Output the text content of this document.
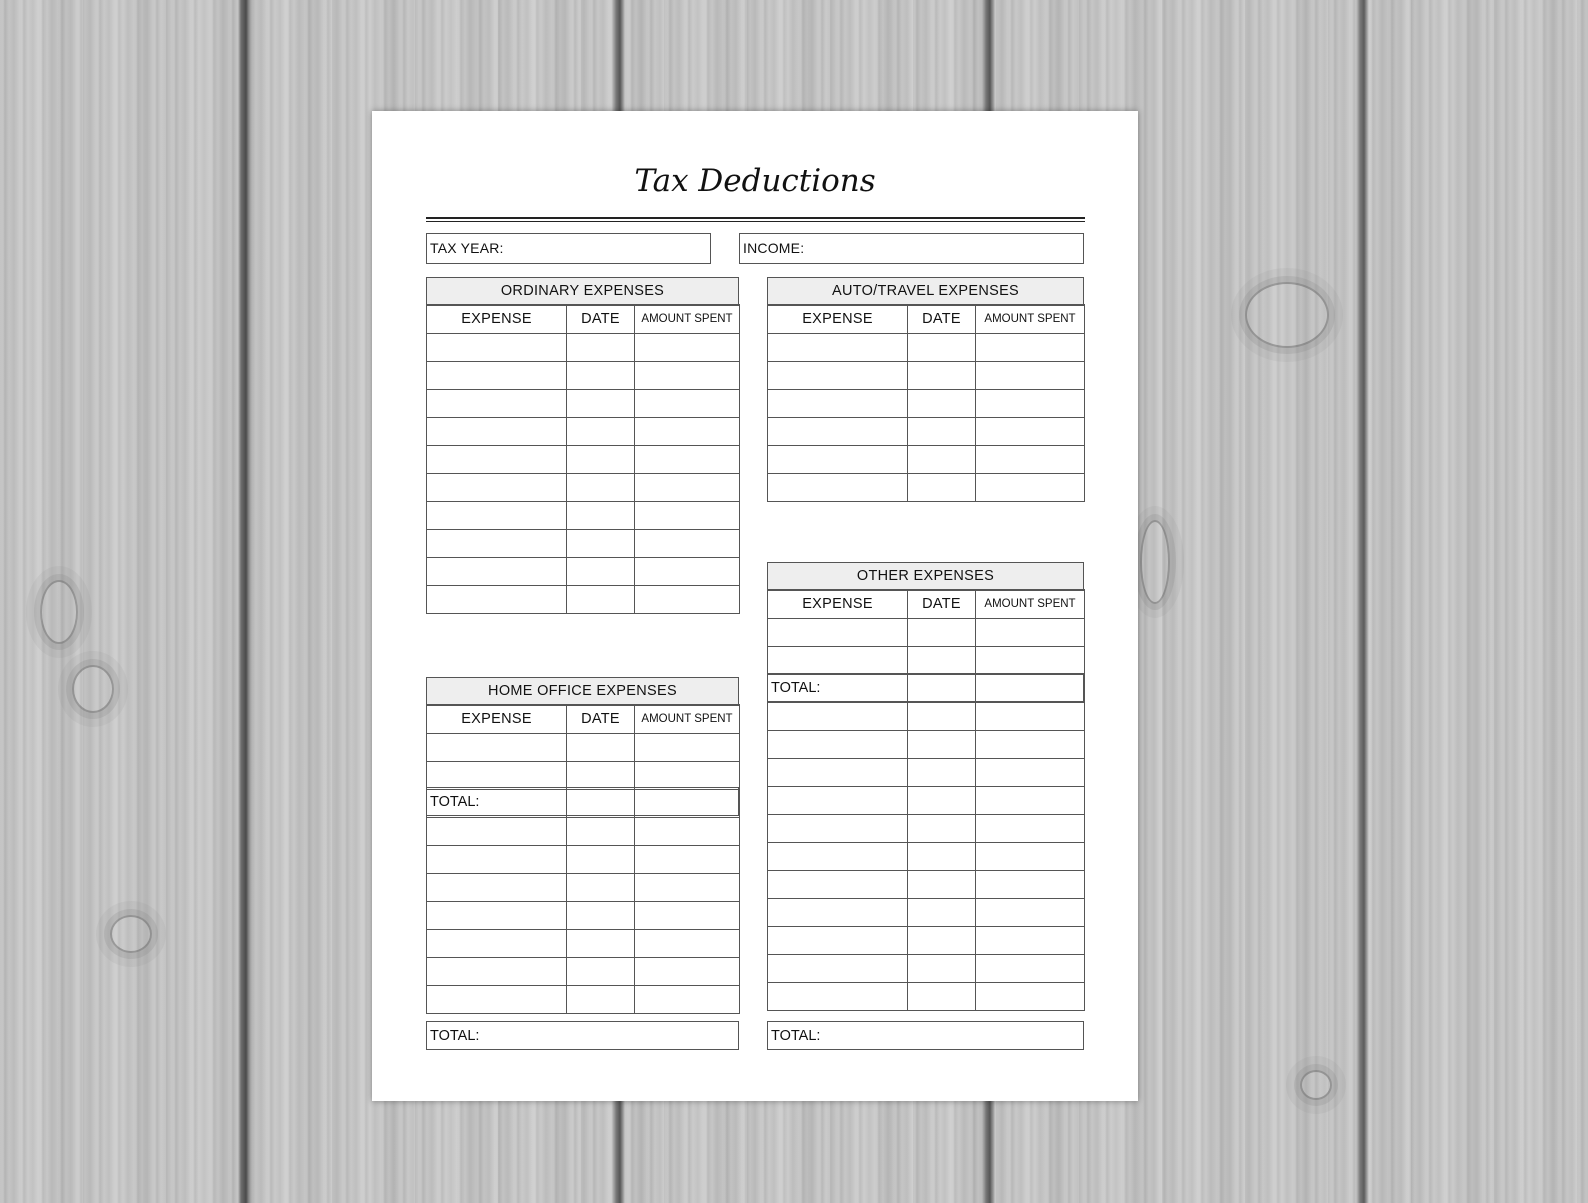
Tax Deductions
TAX YEAR:	INCOME:
ORDINARY EXPENSES
EXPENSE	DATE	AMOUNT SPENT

TOTAL:
AUTO/TRAVEL EXPENSES
EXPENSE	DATE	AMOUNT SPENT

TOTAL:
HOME OFFICE EXPENSES
EXPENSE	DATE	AMOUNT SPENT

TOTAL:
OTHER EXPENSES
EXPENSE	DATE	AMOUNT SPENT

TOTAL:
